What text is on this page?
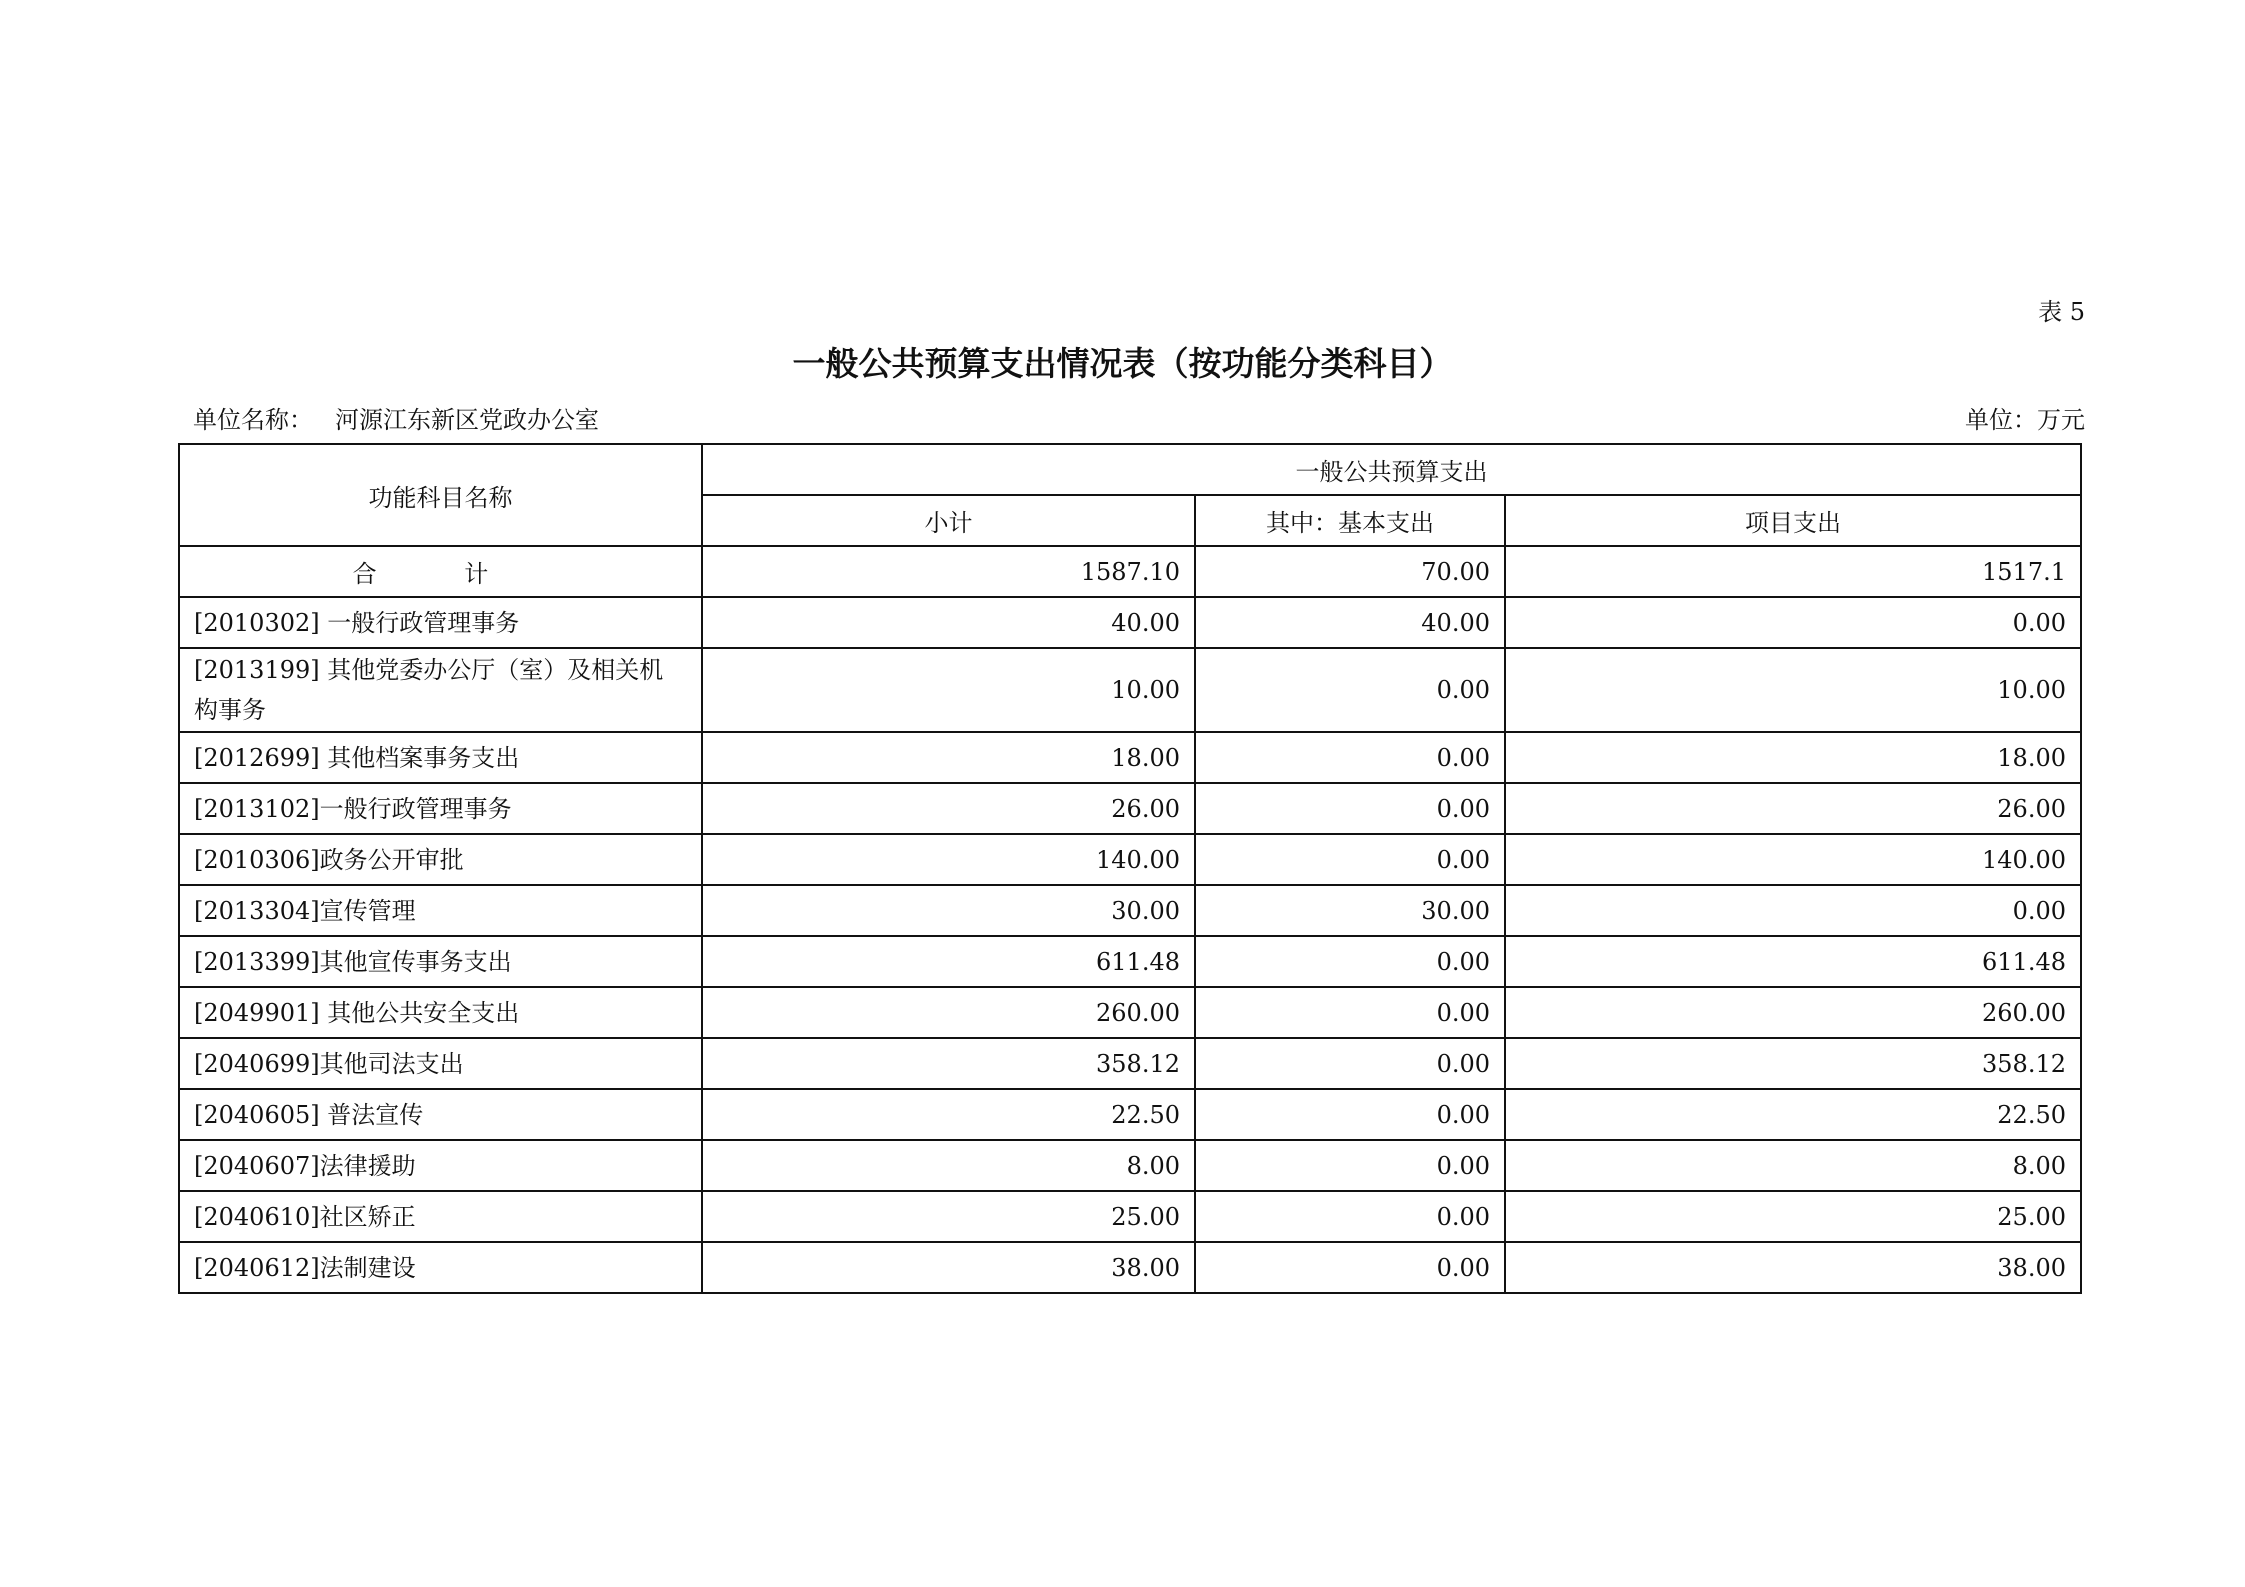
表 5
一般公共预算支出情况表（按功能分类科目）
单位名称： 河源江东新区党政办公室	单位：万元
功能科目名称	一般公共预算支出		
	小计	其中：基本支出	项目支出
合 计	1587.10	70.00	1517.1
[2010302] 一般行政管理事务	40.00	40.00	0.00
[2013199] 其他党委办公厅（室）及相关机构事务	10.00	0.00	10.00
[2012699] 其他档案事务支出	18.00	0.00	18.00
[2013102]一般行政管理事务	26.00	0.00	26.00
[2010306]政务公开审批	140.00	0.00	140.00
[2013304]宣传管理	30.00	30.00	0.00
[2013399]其他宣传事务支出	611.48	0.00	611.48
[2049901] 其他公共安全支出	260.00	0.00	260.00
[2040699]其他司法支出	358.12	0.00	358.12
[2040605] 普法宣传	22.50	0.00	22.50
[2040607]法律援助	8.00	0.00	8.00
[2040610]社区矫正	25.00	0.00	25.00
[2040612]法制建设	38.00	0.00	38.00
